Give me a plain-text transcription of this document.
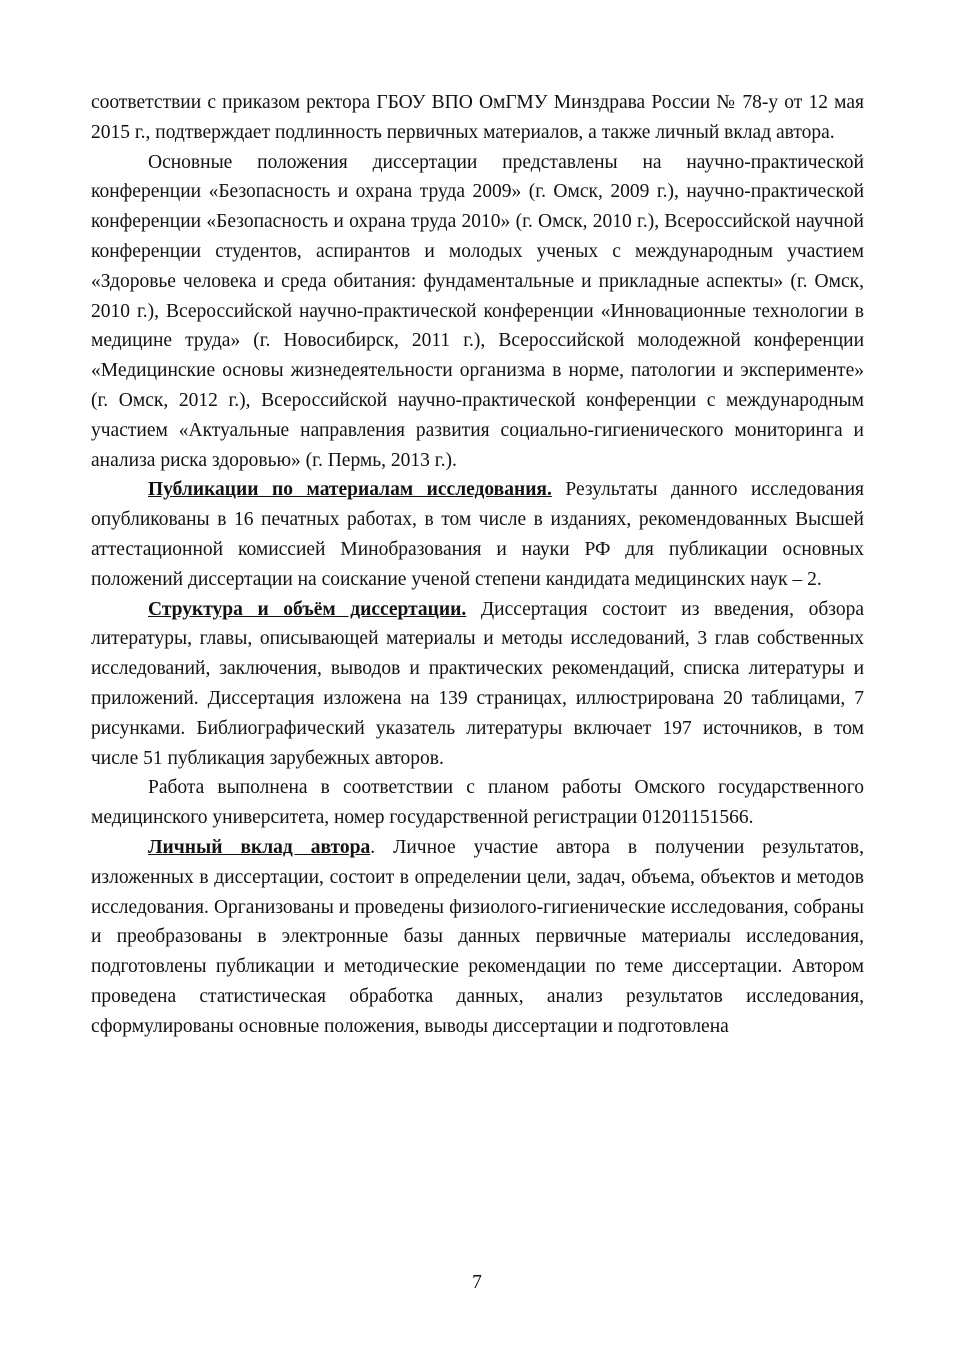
соответствии с приказом ректора ГБОУ ВПО ОмГМУ Минздрава России № 78-у от 12 мая 2015 г., подтверждает подлинность первичных материалов, а также личный вклад автора.

Основные положения диссертации представлены на научно-практической конференции «Безопасность и охрана труда 2009» (г. Омск, 2009 г.), научно-практической конференции «Безопасность и охрана труда 2010» (г. Омск, 2010 г.), Всероссийской научной конференции студентов, аспирантов и молодых ученых с международным участием «Здоровье человека и среда обитания: фундаментальные и прикладные аспекты» (г. Омск, 2010 г.), Всероссийской научно-практической конференции «Инновационные технологии в медицине труда» (г. Новосибирск, 2011 г.), Всероссийской молодежной конференции «Медицинские основы жизнедеятельности организма в норме, патологии и эксперименте» (г. Омск, 2012 г.), Всероссийской научно-практической конференции с международным участием «Актуальные направления развития социально-гигиенического мониторинга и анализа риска здоровью» (г. Пермь, 2013 г.).

Публикации по материалам исследования. Результаты данного исследования опубликованы в 16 печатных работах, в том числе в изданиях, рекомендованных Высшей аттестационной комиссией Минобразования и науки РФ для публикации основных положений диссертации на соискание ученой степени кандидата медицинских наук – 2.

Структура и объём диссертации. Диссертация состоит из введения, обзора литературы, главы, описывающей материалы и методы исследований, 3 глав собственных исследований, заключения, выводов и практических рекомендаций, списка литературы и приложений. Диссертация изложена на 139 страницах, иллюстрирована 20 таблицами, 7 рисунками. Библиографический указатель литературы включает 197 источников, в том числе 51 публикация зарубежных авторов.

Работа выполнена в соответствии с планом работы Омского государственного медицинского университета, номер государственной регистрации 01201151566.

Личный вклад автора. Личное участие автора в получении результатов, изложенных в диссертации, состоит в определении цели, задач, объема, объектов и методов исследования. Организованы и проведены физиолого-гигиенические исследования, собраны и преобразованы в электронные базы данных первичные материалы исследования, подготовлены публикации и методические рекомендации по теме диссертации. Автором проведена статистическая обработка данных, анализ результатов исследования, сформулированы основные положения, выводы диссертации и подготовлена

7
